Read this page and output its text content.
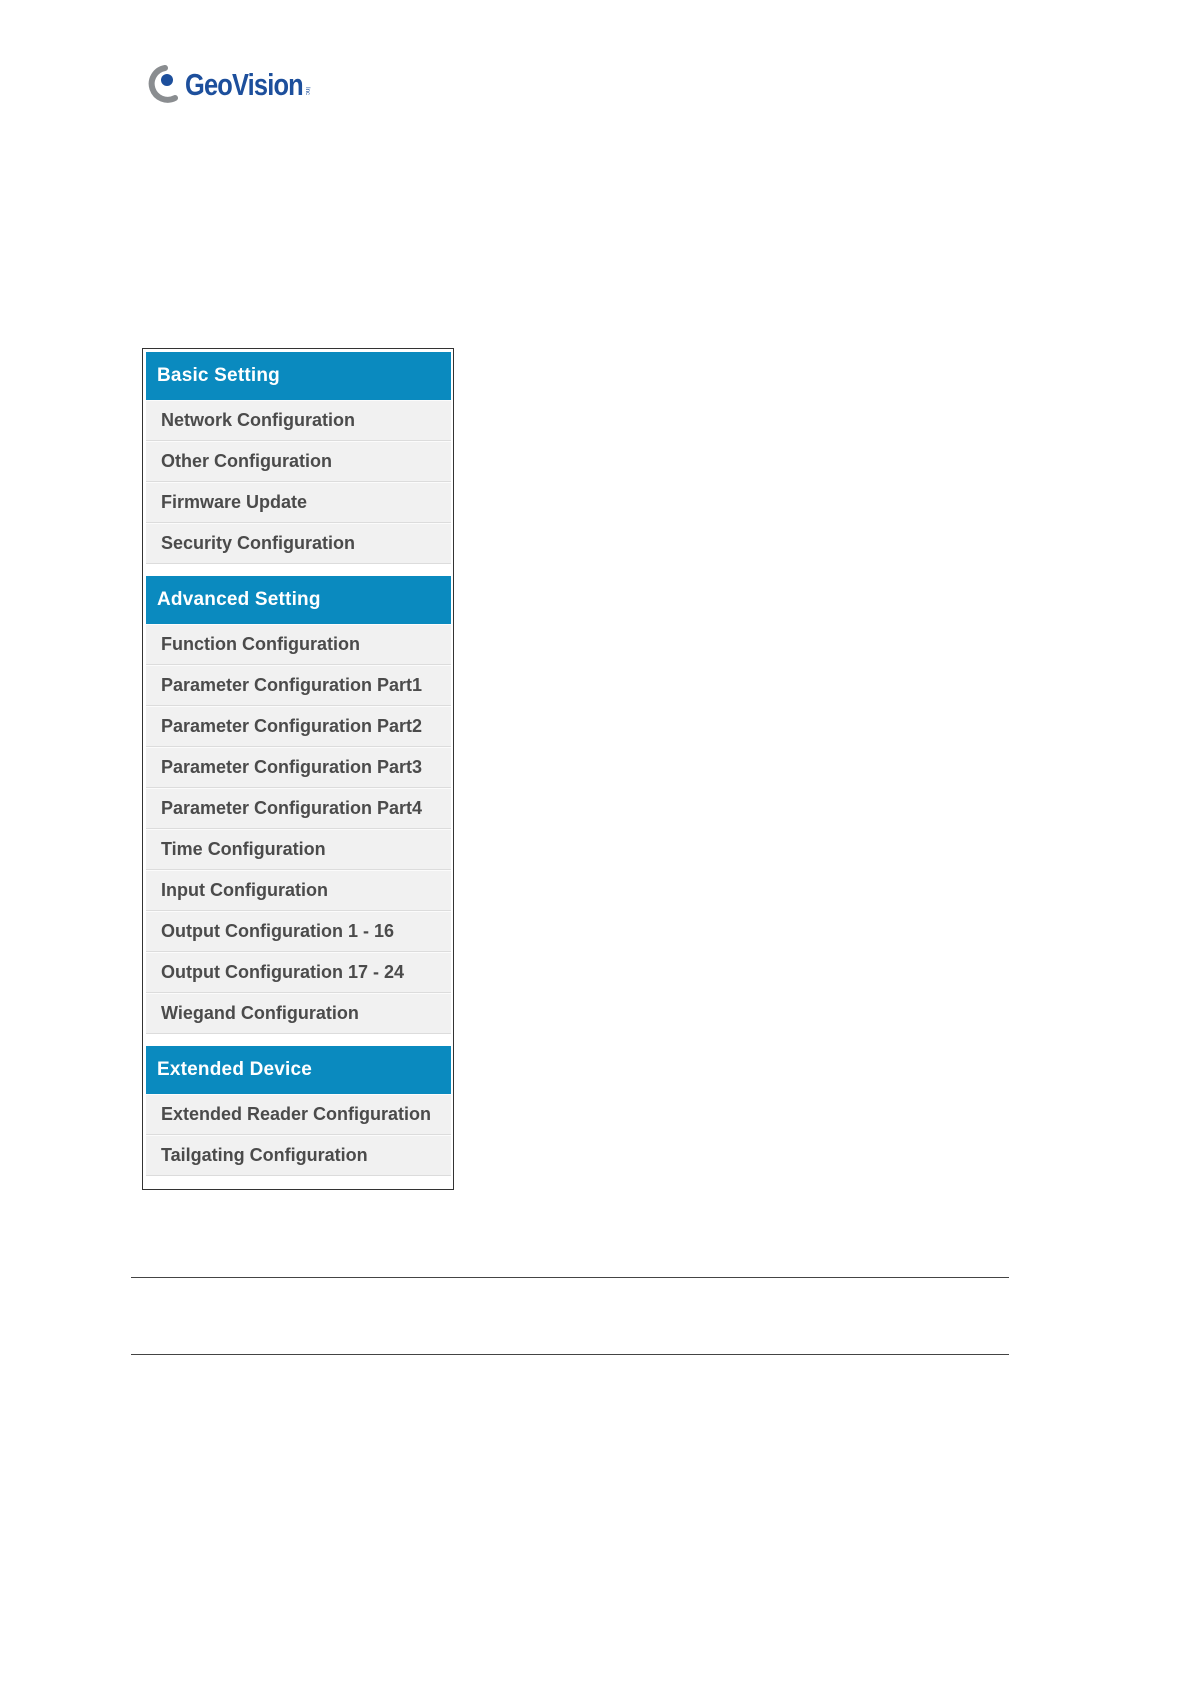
GeoVision Inc
Basic Setting
Network Configuration
Other Configuration
Firmware Update
Security Configuration
Advanced Setting
Function Configuration
Parameter Configuration Part1
Parameter Configuration Part2
Parameter Configuration Part3
Parameter Configuration Part4
Time Configuration
Input Configuration
Output Configuration 1 - 16
Output Configuration 17 - 24
Wiegand Configuration
Extended Device
Extended Reader Configuration
Tailgating Configuration
